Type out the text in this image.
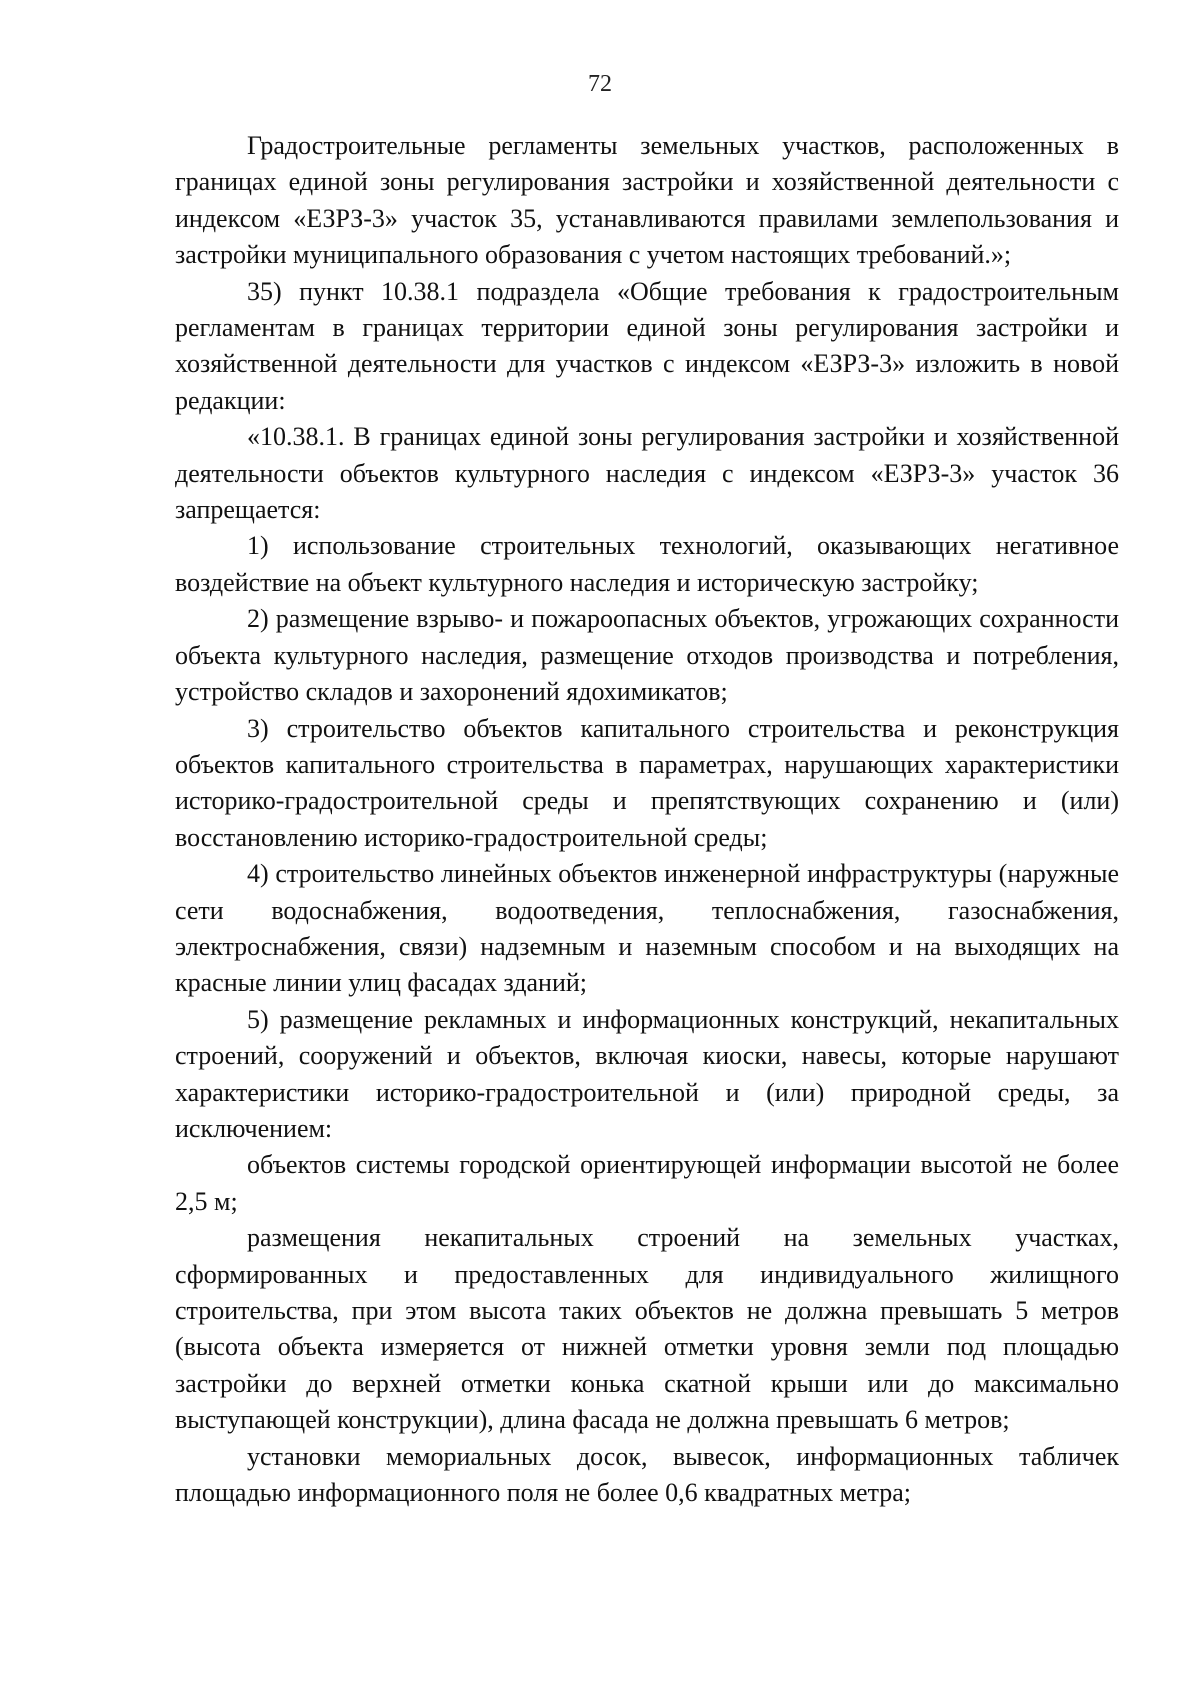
72

Градостроительные регламенты земельных участков, расположенных в границах единой зоны регулирования застройки и хозяйственной деятельности с индексом «ЕЗРЗ-3» участок 35, устанавливаются правилами землепользования и застройки муниципального образования с учетом настоящих требований.»;

35) пункт 10.38.1 подраздела «Общие требования к градостроительным регламентам в границах территории единой зоны регулирования застройки и хозяйственной деятельности для участков с индексом «ЕЗРЗ-3» изложить в новой редакции:

«10.38.1. В границах единой зоны регулирования застройки и хозяйственной деятельности объектов культурного наследия с индексом «ЕЗРЗ-3» участок 36 запрещается:

1) использование строительных технологий, оказывающих негативное воздействие на объект культурного наследия и историческую застройку;

2) размещение взрыво- и пожароопасных объектов, угрожающих сохранности объекта культурного наследия, размещение отходов производства и потребления, устройство складов и захоронений ядохимикатов;

3) строительство объектов капитального строительства и реконструкция объектов капитального строительства в параметрах, нарушающих характеристики историко-градостроительной среды и препятствующих сохранению и (или) восстановлению историко-градостроительной среды;

4) строительство линейных объектов инженерной инфраструктуры (наружные сети водоснабжения, водоотведения, теплоснабжения, газоснабжения, электроснабжения, связи) надземным и наземным способом и на выходящих на красные линии улиц фасадах зданий;

5) размещение рекламных и информационных конструкций, некапитальных строений, сооружений и объектов, включая киоски, навесы, которые нарушают характеристики историко-градостроительной и (или) природной среды, за исключением:

объектов системы городской ориентирующей информации высотой не более 2,5 м;

размещения некапитальных строений на земельных участках, сформированных и предоставленных для индивидуального жилищного строительства, при этом высота таких объектов не должна превышать 5 метров (высота объекта измеряется от нижней отметки уровня земли под площадью застройки до верхней отметки конька скатной крыши или до максимально выступающей конструкции), длина фасада не должна превышать 6 метров;

установки мемориальных досок, вывесок, информационных табличек площадью информационного поля не более 0,6 квадратных метра;
